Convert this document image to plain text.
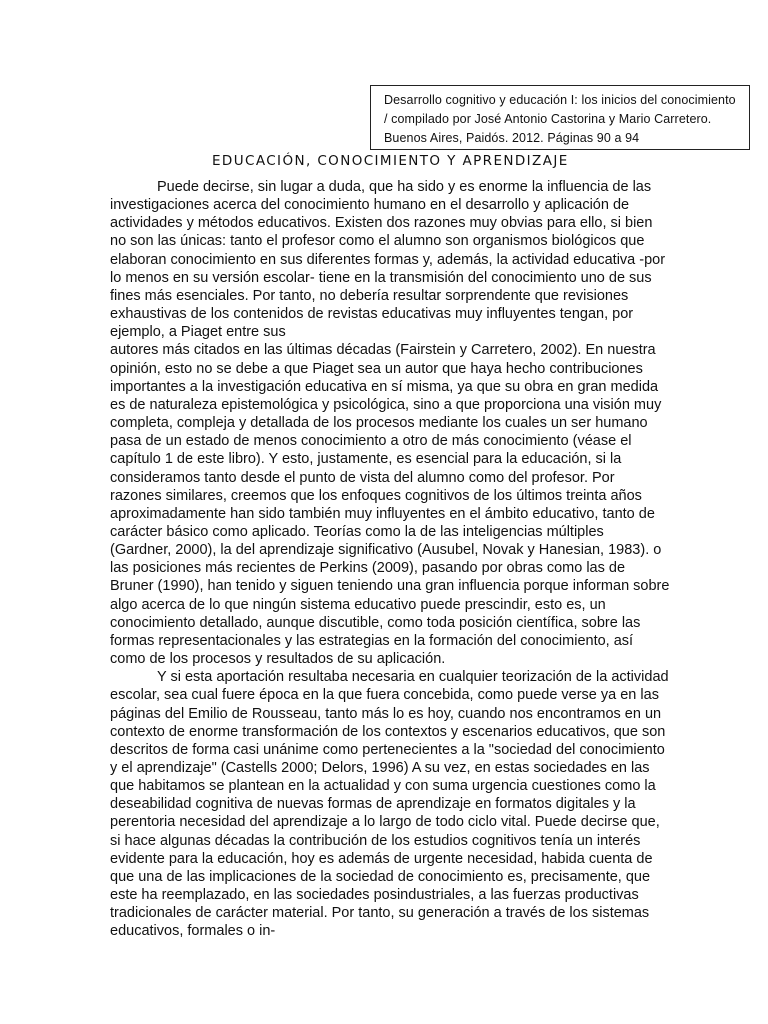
Desarrollo cognitivo y educación I: los inicios del conocimiento
/ compilado por José Antonio Castorina y Mario Carretero.
Buenos Aires, Paidós. 2012. Páginas 90 a 94
EDUCACIÓN, CONOCIMIENTO Y APRENDIZAJE
Puede decirse, sin lugar a duda, que ha sido y es enorme la influencia de las
investigaciones acerca del conocimiento humano en el desarrollo y aplicación de
actividades y métodos educativos. Existen dos razones muy obvias para ello, si bien
no son las únicas: tanto el profesor como el alumno son organismos biológicos que
elaboran conocimiento en sus diferentes formas y, además, la actividad educativa -por
lo menos en su versión escolar- tiene en la transmisión del conocimiento uno de sus
fines más esenciales. Por tanto, no debería resultar sorprendente que revisiones
exhaustivas de los contenidos de revistas educativas muy influyentes tengan, por
ejemplo, a Piaget entre sus
autores más citados en las últimas décadas (Fairstein y Carretero, 2002). En nuestra
opinión, esto no se debe a que Piaget sea un autor que haya hecho contribuciones
importantes a la investigación educativa en sí misma, ya que su obra en gran medida
es de naturaleza epistemológica y psicológica, sino a que proporciona una visión muy
completa, compleja y detallada de los procesos mediante los cuales un ser humano
pasa de un estado de menos conocimiento a otro de más conocimiento (véase el
capítulo 1 de este libro). Y esto, justamente, es esencial para la educación, si la
consideramos tanto desde el punto de vista del alumno como del profesor. Por
razones similares, creemos que los enfoques cognitivos de los últimos treinta años
aproximadamente han sido también muy influyentes en el ámbito educativo, tanto de
carácter básico como aplicado. Teorías como la de las inteligencias múltiples
(Gardner, 2000), la del aprendizaje significativo (Ausubel, Novak y Hanesian, 1983). o
las posiciones más recientes de Perkins (2009), pasando por obras como las de
Bruner (1990), han tenido y siguen teniendo una gran influencia porque informan sobre
algo acerca de lo que ningún sistema educativo puede prescindir, esto es, un
conocimiento detallado, aunque discutible, como toda posición científica, sobre las
formas representacionales y las estrategias en la formación del conocimiento, así
como de los procesos y resultados de su aplicación.
Y si esta aportación resultaba necesaria en cualquier teorización de la actividad
escolar, sea cual fuere época en la que fuera concebida, como puede verse ya en las
páginas del Emilio de Rousseau, tanto más lo es hoy, cuando nos encontramos en un
contexto de enorme transformación de los contextos y escenarios educativos, que son
descritos de forma casi unánime como pertenecientes a la "sociedad del conocimiento
y el aprendizaje" (Castells 2000; Delors, 1996) A su vez, en estas sociedades en las
que habitamos se plantean en la actualidad y con suma urgencia cuestiones como la
deseabilidad cognitiva de nuevas formas de aprendizaje en formatos digitales y la
perentoria necesidad del aprendizaje a lo largo de todo ciclo vital. Puede decirse que,
si hace algunas décadas la contribución de los estudios cognitivos tenía un interés
evidente para la educación, hoy es además de urgente necesidad, habida cuenta de
que una de las implicaciones de la sociedad de conocimiento es, precisamente, que
este ha reemplazado, en las sociedades posindustriales, a las fuerzas productivas
tradicionales de carácter material. Por tanto, su generación a través de los sistemas
educativos, formales o in-
